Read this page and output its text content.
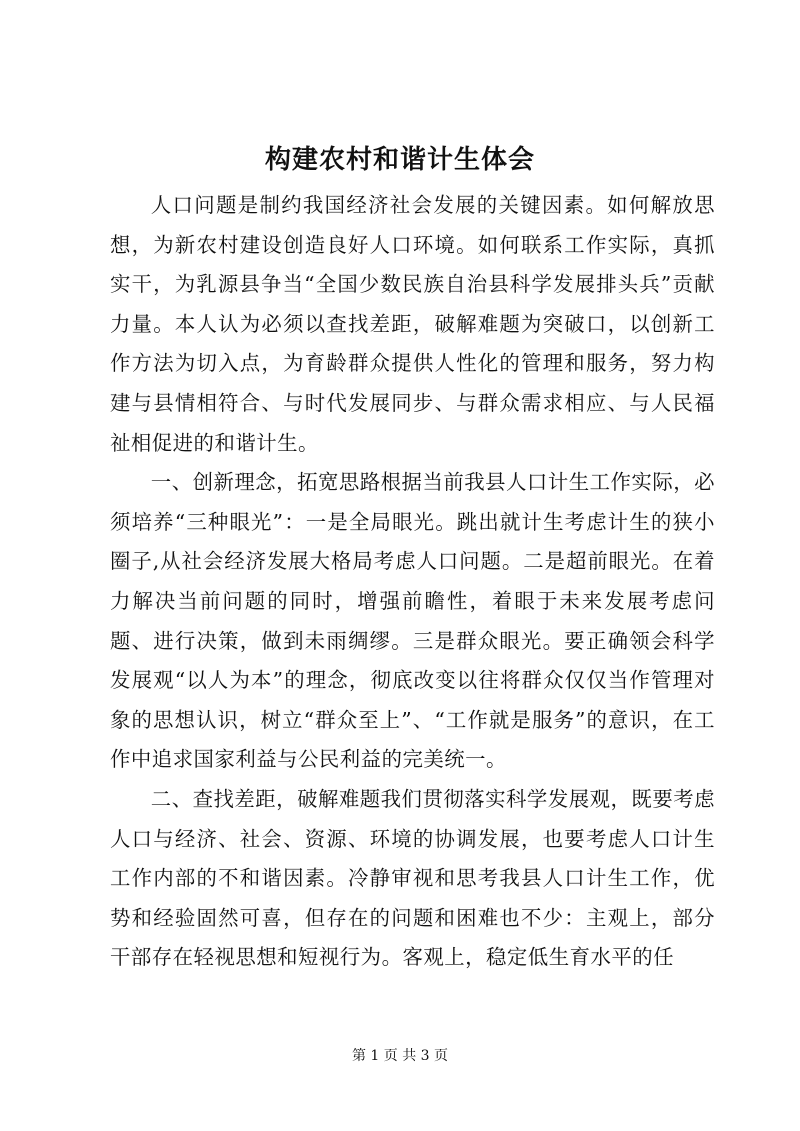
构建农村和谐计生体会

人口问题是制约我国经济社会发展的关键因素。如何解放思想，为新农村建设创造良好人口环境。如何联系工作实际，真抓实干，为乳源县争当“全国少数民族自治县科学发展排头兵”贡献力量。本人认为必须以查找差距，破解难题为突破口，以创新工作方法为切入点，为育龄群众提供人性化的管理和服务，努力构建与县情相符合、与时代发展同步、与群众需求相应、与人民福祉相促进的和谐计生。

一、创新理念，拓宽思路根据当前我县人口计生工作实际，必须培养“三种眼光”：一是全局眼光。跳出就计生考虑计生的狭小圈子,从社会经济发展大格局考虑人口问题。二是超前眼光。在着力解决当前问题的同时，增强前瞻性，着眼于未来发展考虑问题、进行决策，做到未雨绸缪。三是群众眼光。要正确领会科学发展观“以人为本”的理念，彻底改变以往将群众仅仅当作管理对象的思想认识，树立“群众至上”、“工作就是服务”的意识，在工作中追求国家利益与公民利益的完美统一。

二、查找差距，破解难题我们贯彻落实科学发展观，既要考虑人口与经济、社会、资源、环境的协调发展，也要考虑人口计生工作内部的不和谐因素。冷静审视和思考我县人口计生工作，优势和经验固然可喜，但存在的问题和困难也不少：主观上，部分干部存在轻视思想和短视行为。客观上，稳定低生育水平的任

第 1 页 共 3 页
